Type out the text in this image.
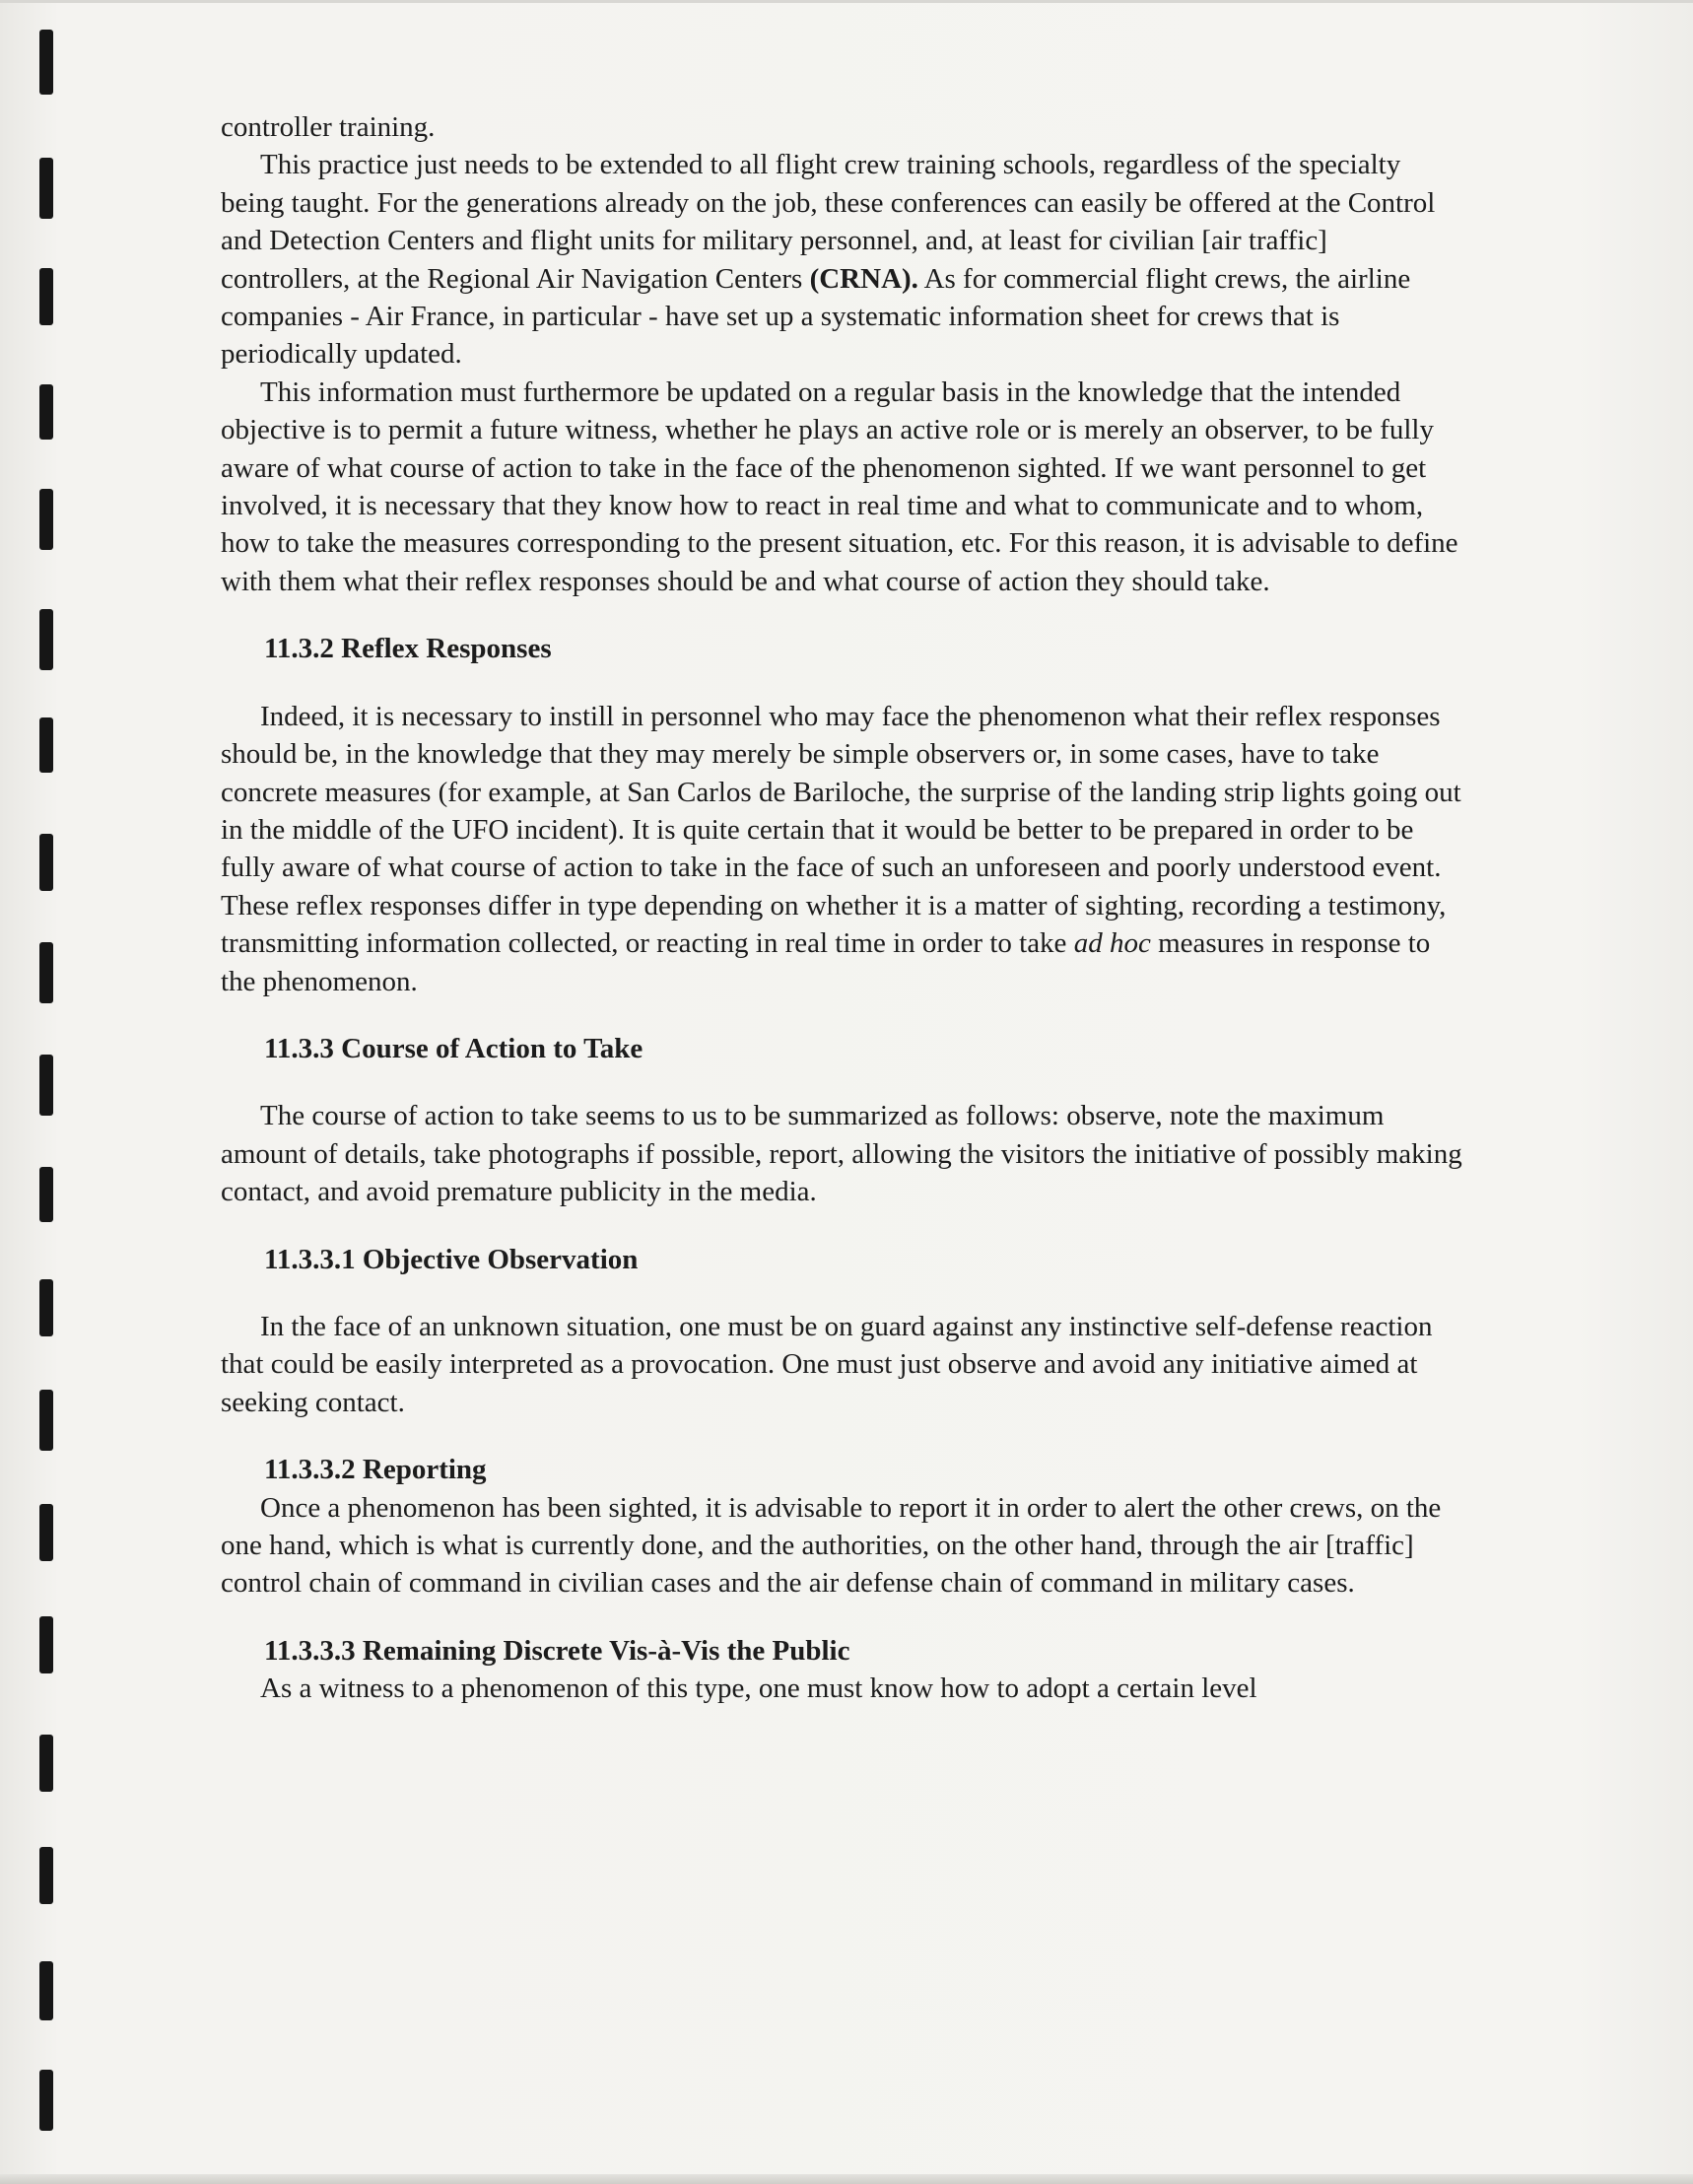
controller training.

This practice just needs to be extended to all flight crew training schools, regardless of the specialty being taught. For the generations already on the job, these conferences can easily be offered at the Control and Detection Centers and flight units for military personnel, and, at least for civilian [air traffic] controllers, at the Regional Air Navigation Centers (CRNA). As for commercial flight crews, the airline companies - Air France, in particular - have set up a systematic information sheet for crews that is periodically updated.

This information must furthermore be updated on a regular basis in the knowledge that the intended objective is to permit a future witness, whether he plays an active role or is merely an observer, to be fully aware of what course of action to take in the face of the phenomenon sighted. If we want personnel to get involved, it is necessary that they know how to react in real time and what to communicate and to whom, how to take the measures corresponding to the present situation, etc. For this reason, it is advisable to define with them what their reflex responses should be and what course of action they should take.

11.3.2 Reflex Responses

Indeed, it is necessary to instill in personnel who may face the phenomenon what their reflex responses should be, in the knowledge that they may merely be simple observers or, in some cases, have to take concrete measures (for example, at San Carlos de Bariloche, the surprise of the landing strip lights going out in the middle of the UFO incident). It is quite certain that it would be better to be prepared in order to be fully aware of what course of action to take in the face of such an unforeseen and poorly understood event. These reflex responses differ in type depending on whether it is a matter of sighting, recording a testimony, transmitting information collected, or reacting in real time in order to take ad hoc measures in response to the phenomenon.

11.3.3 Course of Action to Take

The course of action to take seems to us to be summarized as follows: observe, note the maximum amount of details, take photographs if possible, report, allowing the visitors the initiative of possibly making contact, and avoid premature publicity in the media.

11.3.3.1 Objective Observation

In the face of an unknown situation, one must be on guard against any instinctive self-defense reaction that could be easily interpreted as a provocation. One must just observe and avoid any initiative aimed at seeking contact.

11.3.3.2 Reporting

Once a phenomenon has been sighted, it is advisable to report it in order to alert the other crews, on the one hand, which is what is currently done, and the authorities, on the other hand, through the air [traffic] control chain of command in civilian cases and the air defense chain of command in military cases.

11.3.3.3 Remaining Discrete Vis-à-Vis the Public

As a witness to a phenomenon of this type, one must know how to adopt a certain level
